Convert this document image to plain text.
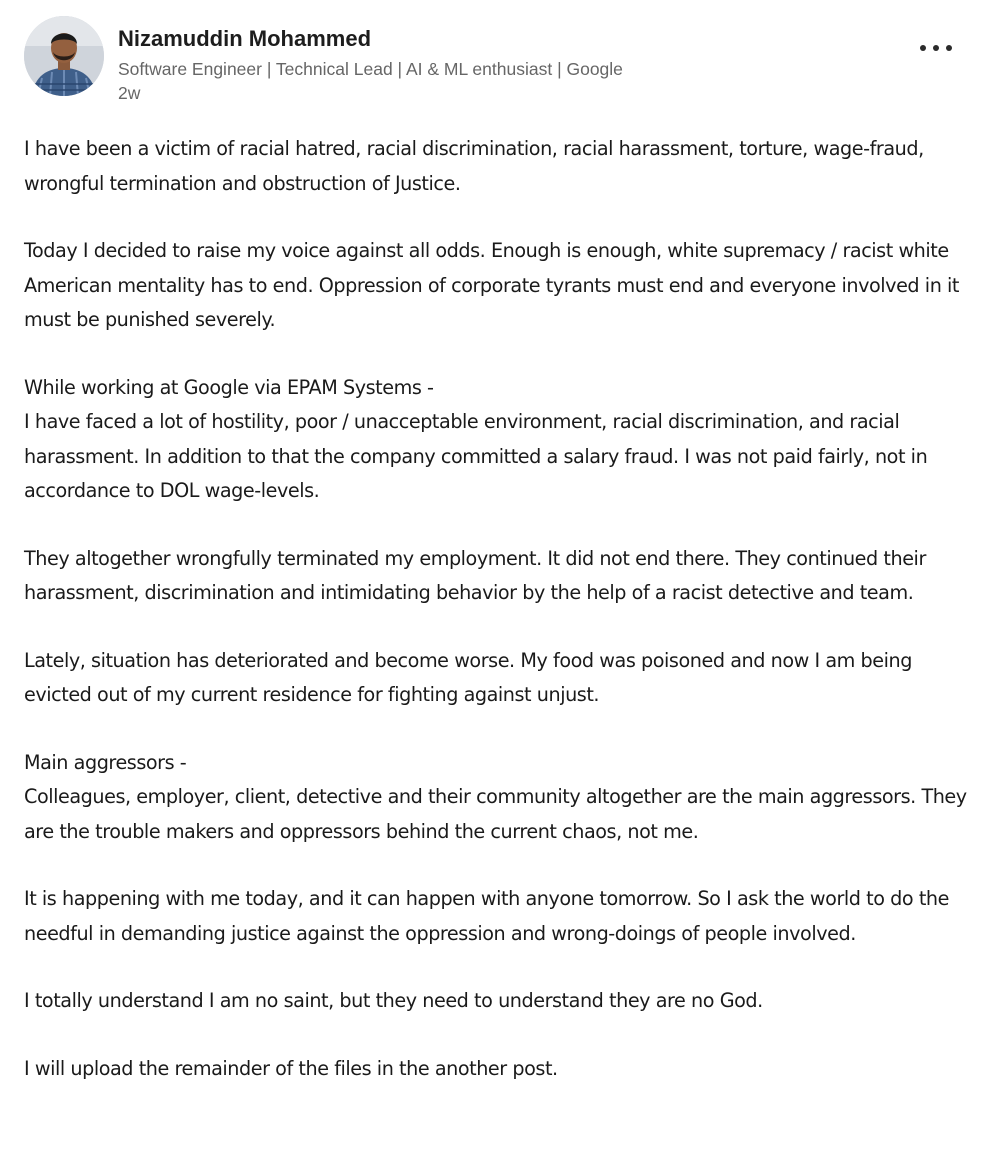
Nizamuddin Mohammed
Software Engineer | Technical Lead | AI & ML enthusiast | Google
2w

I have been a victim of racial hatred, racial discrimination, racial harassment, torture, wage-fraud, wrongful termination and obstruction of Justice.

Today I decided to raise my voice against all odds. Enough is enough, white supremacy / racist white American mentality has to end. Oppression of corporate tyrants must end and everyone involved in it must be punished severely.

While working at Google via EPAM Systems -
I have faced a lot of hostility, poor / unacceptable environment, racial discrimination, and racial harassment. In addition to that the company committed a salary fraud. I was not paid fairly, not in accordance to DOL wage-levels.

They altogether wrongfully terminated my employment. It did not end there. They continued their harassment, discrimination and intimidating behavior by the help of a racist detective and team.

Lately, situation has deteriorated and become worse. My food was poisoned and now I am being evicted out of my current residence for fighting against unjust.

Main aggressors -
Colleagues, employer, client, detective and their community altogether are the main aggressors. They are the trouble makers and oppressors behind the current chaos, not me.

It is happening with me today, and it can happen with anyone tomorrow. So I ask the world to do the needful in demanding justice against the oppression and wrong-doings of people involved.

I totally understand I am no saint, but they need to understand they are no God.

I will upload the remainder of the files in the another post.
